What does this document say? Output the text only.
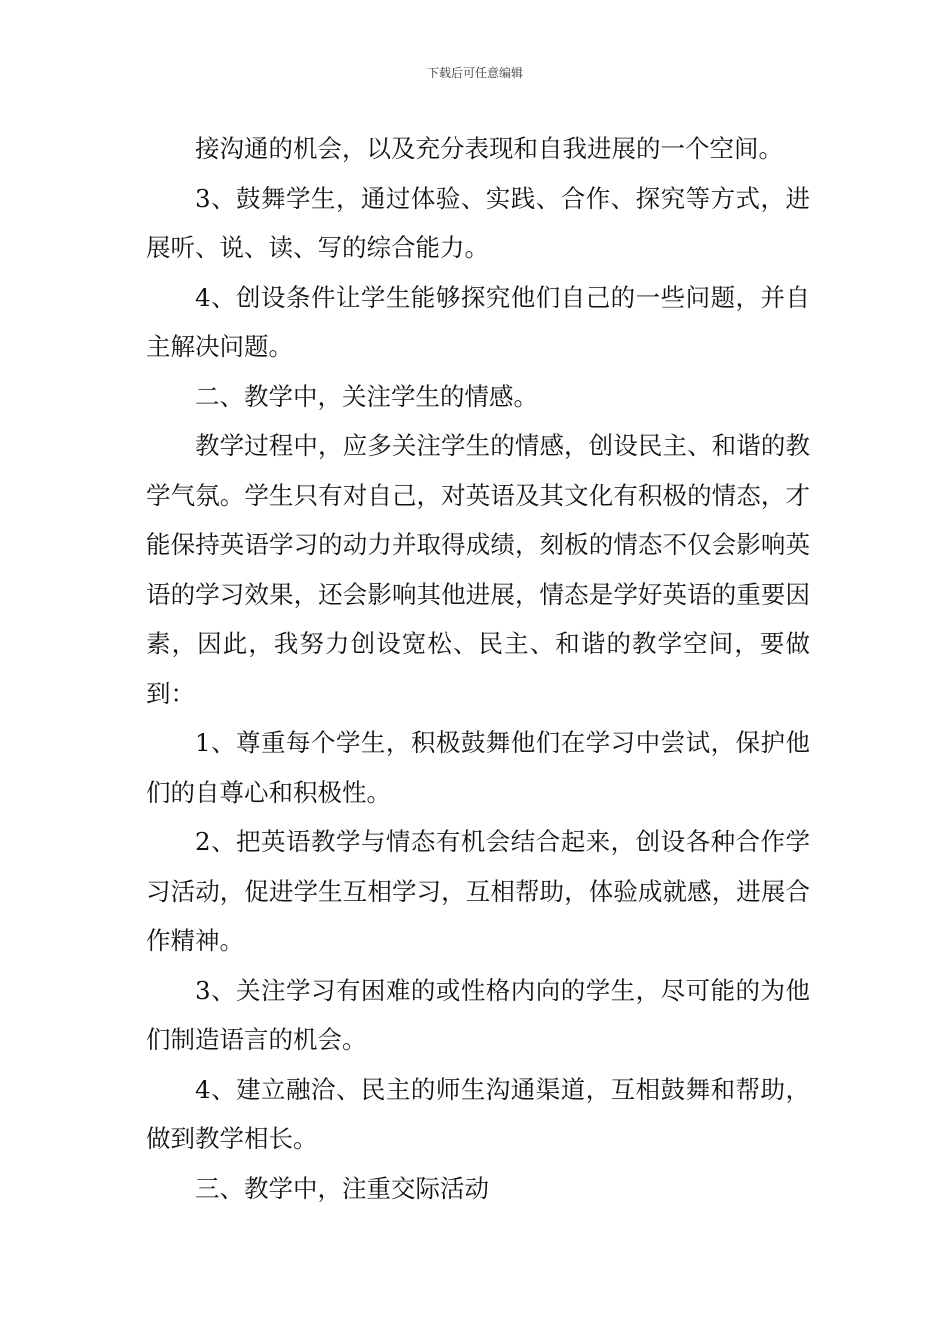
下载后可任意编辑

接沟通的机会，以及充分表现和自我进展的一个空间。

3、鼓舞学生，通过体验、实践、合作、探究等方式，进展听、说、读、写的综合能力。

4、创设条件让学生能够探究他们自己的一些问题，并自主解决问题。

二、教学中，关注学生的情感。

教学过程中，应多关注学生的情感，创设民主、和谐的教学气氛。学生只有对自己，对英语及其文化有积极的情态，才能保持英语学习的动力并取得成绩，刻板的情态不仅会影响英语的学习效果，还会影响其他进展，情态是学好英语的重要因素，因此，我努力创设宽松、民主、和谐的教学空间，要做到：

1、尊重每个学生，积极鼓舞他们在学习中尝试，保护他们的自尊心和积极性。

2、把英语教学与情态有机会结合起来，创设各种合作学习活动，促进学生互相学习，互相帮助，体验成就感，进展合作精神。

3、关注学习有困难的或性格内向的学生，尽可能的为他们制造语言的机会。

4、建立融洽、民主的师生沟通渠道，互相鼓舞和帮助，做到教学相长。

三、教学中，注重交际活动
